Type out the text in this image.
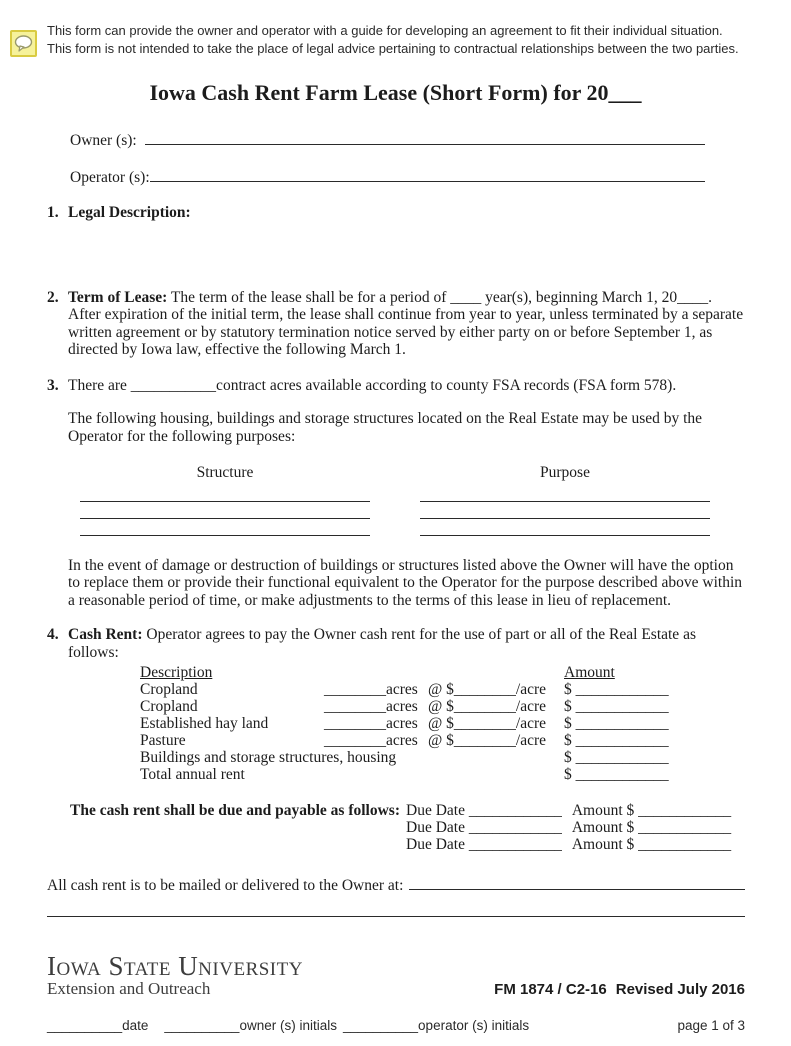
This form can provide the owner and operator with a guide for developing an agreement to fit their individual situation.
This form is not intended to take the place of legal advice pertaining to contractual relationships between the two parties.
Iowa Cash Rent Farm Lease (Short Form) for 20___
Owner (s):
Operator (s):
1. Legal Description:
2. Term of Lease: The term of the lease shall be for a period of ____ year(s), beginning March 1, 20____. After expiration of the initial term, the lease shall continue from year to year, unless terminated by a separate written agreement or by statutory termination notice served by either party on or before September 1, as directed by Iowa law, effective the following March 1.
3. There are ___________contract acres available according to county FSA records (FSA form 578).
The following housing, buildings and storage structures located on the Real Estate may be used by the Operator for the following purposes:
Structure	Purpose
In the event of damage or destruction of buildings or structures listed above the Owner will have the option to replace them or provide their functional equivalent to the Operator for the purpose described above within a reasonable period of time, or make adjustments to the terms of this lease in lieu of replacement.
4. Cash Rent: Operator agrees to pay the Owner cash rent for the use of part or all of the Real Estate as follows:
Description	Amount
Cropland	________acres @ $________/acre	$ ____________
Cropland	________acres @ $________/acre	$ ____________
Established hay land	________acres @ $________/acre	$ ____________
Pasture	________acres @ $________/acre	$ ____________
Buildings and storage structures, housing	$ ____________
Total annual rent	$ ____________
The cash rent shall be due and payable as follows: Due Date ____________ Amount $ ____________
Due Date ____________ Amount $ ____________
Due Date ____________ Amount $ ____________
All cash rent is to be mailed or delivered to the Owner at:
Iowa State University
Extension and Outreach	FM 1874 / C2-16 Revised July 2016
__________date __________owner (s) initials __________operator (s) initials	page 1 of 3
